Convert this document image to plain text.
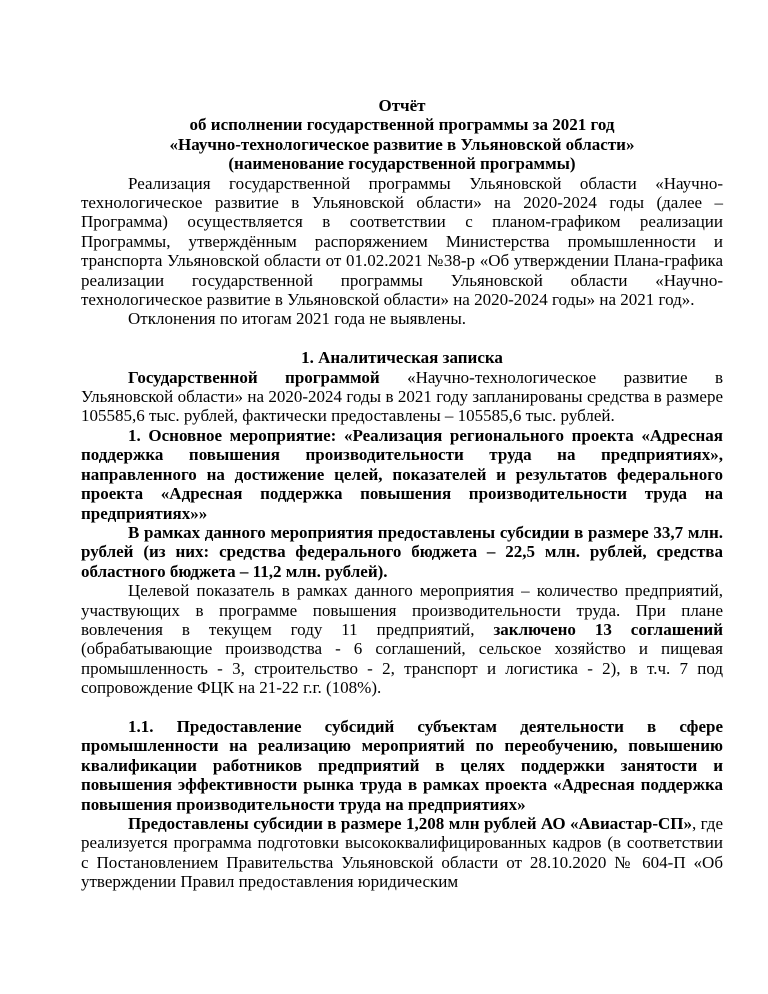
Отчёт
об исполнении государственной программы за 2021 год
«Научно-технологическое развитие в Ульяновской области»
(наименование государственной программы)

Реализация государственной программы Ульяновской области «Научно-технологическое развитие в Ульяновской области» на 2020-2024 годы (далее – Программа) осуществляется в соответствии с планом-графиком реализации Программы, утверждённым распоряжением Министерства промышленности и транспорта Ульяновской области от 01.02.2021 №38-р «Об утверждении Плана-графика реализации государственной программы Ульяновской области «Научно-технологическое развитие в Ульяновской области» на 2020-2024 годы» на 2021 год».

Отклонения по итогам 2021 года не выявлены.

1. Аналитическая записка

Государственной программой «Научно-технологическое развитие в Ульяновской области» на 2020-2024 годы в 2021 году запланированы средства в размере 105585,6 тыс. рублей, фактически предоставлены – 105585,6 тыс. рублей.

1. Основное мероприятие: «Реализация регионального проекта «Адресная поддержка повышения производительности труда на предприятиях», направленного на достижение целей, показателей и результатов федерального проекта «Адресная поддержка повышения производительности труда на предприятиях»»

В рамках данного мероприятия предоставлены субсидии в размере 33,7 млн. рублей (из них: средства федерального бюджета – 22,5 млн. рублей, средства областного бюджета – 11,2 млн. рублей).

Целевой показатель в рамках данного мероприятия – количество предприятий, участвующих в программе повышения производительности труда. При плане вовлечения в текущем году 11 предприятий, заключено 13 соглашений (обрабатывающие производства - 6 соглашений, сельское хозяйство и пищевая промышленность - 3, строительство - 2, транспорт и логистика - 2), в т.ч. 7 под сопровождение ФЦК на 21-22 г.г. (108%).

1.1. Предоставление субсидий субъектам деятельности в сфере промышленности на реализацию мероприятий по переобучению, повышению квалификации работников предприятий в целях поддержки занятости и повышения эффективности рынка труда в рамках проекта «Адресная поддержка повышения производительности труда на предприятиях»

Предоставлены субсидии в размере 1,208 млн рублей АО «Авиастар-СП», где реализуется программа подготовки высококвалифицированных кадров (в соответствии с Постановлением Правительства Ульяновской области от 28.10.2020 № 604-П «Об утверждении Правил предоставления юридическим
